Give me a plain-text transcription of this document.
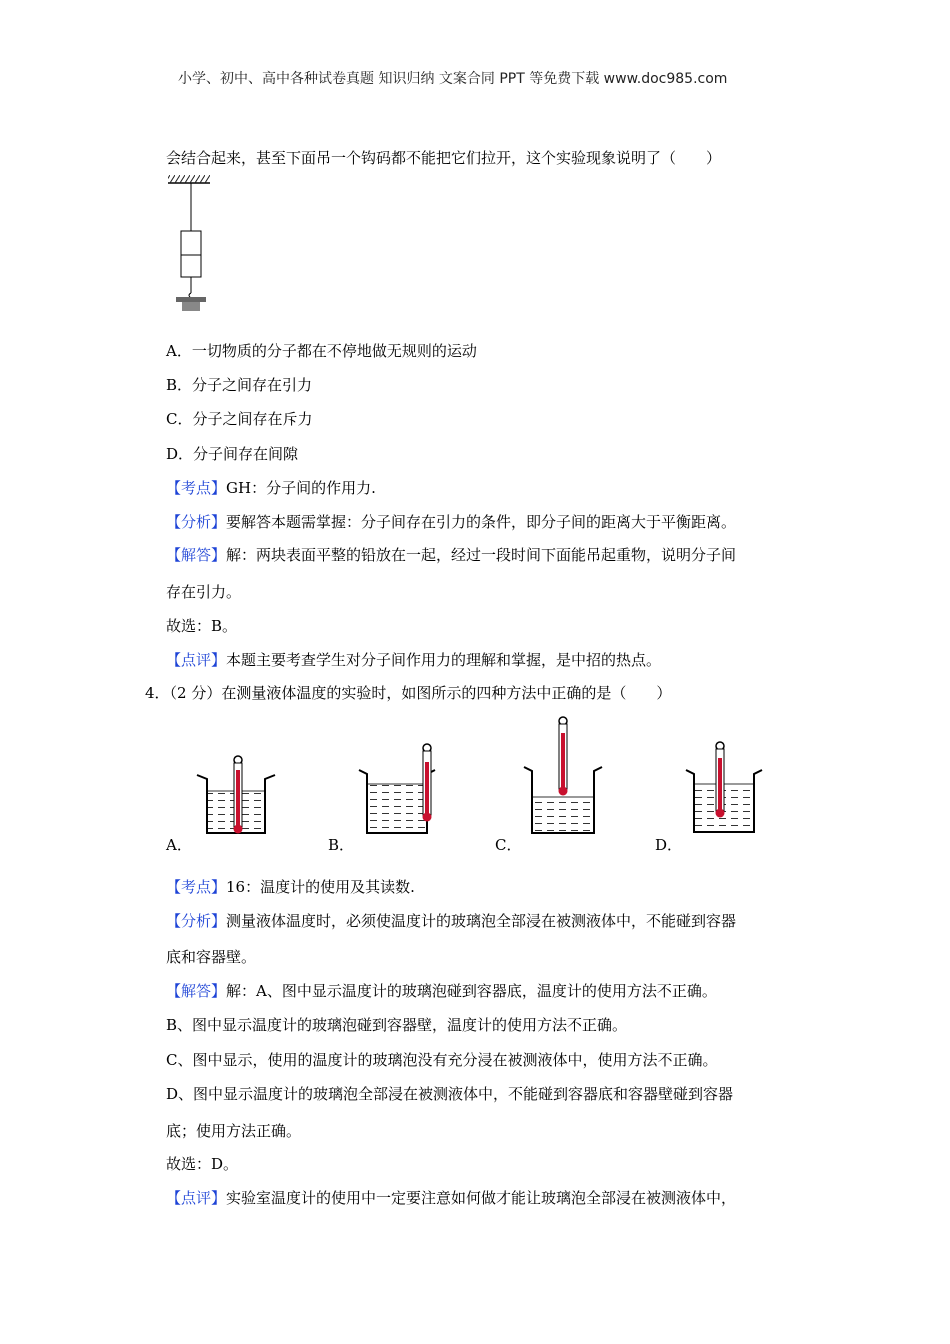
小学、初中、高中各种试卷真题 知识归纳 文案合同 PPT 等免费下载 www.doc985.com
会结合起来，甚至下面吊一个钩码都不能把它们拉开，这个实验现象说明了（　　）
A．一切物质的分子都在不停地做无规则的运动
B．分子之间存在引力
C．分子之间存在斥力
D．分子间存在间隙
【考点】GH：分子间的作用力.
【分析】要解答本题需掌握：分子间存在引力的条件，即分子间的距离大于平衡距离。
【解答】解：两块表面平整的铅放在一起，经过一段时间下面能吊起重物，说明分子间
存在引力。
故选：B。
【点评】本题主要考查学生对分子间作用力的理解和掌握，是中招的热点。
4．（2 分）在测量液体温度的实验时，如图所示的四种方法中正确的是（　　）
A．	B．	C．	D．
【考点】16：温度计的使用及其读数.
【分析】测量液体温度时，必须使温度计的玻璃泡全部浸在被测液体中，不能碰到容器
底和容器壁。
【解答】解：A、图中显示温度计的玻璃泡碰到容器底，温度计的使用方法不正确。
B、图中显示温度计的玻璃泡碰到容器壁，温度计的使用方法不正确。
C、图中显示，使用的温度计的玻璃泡没有充分浸在被测液体中，使用方法不正确。
D、图中显示温度计的玻璃泡全部浸在被测液体中，不能碰到容器底和容器壁碰到容器
底；使用方法正确。
故选：D。
【点评】实验室温度计的使用中一定要注意如何做才能让玻璃泡全部浸在被测液体中，
